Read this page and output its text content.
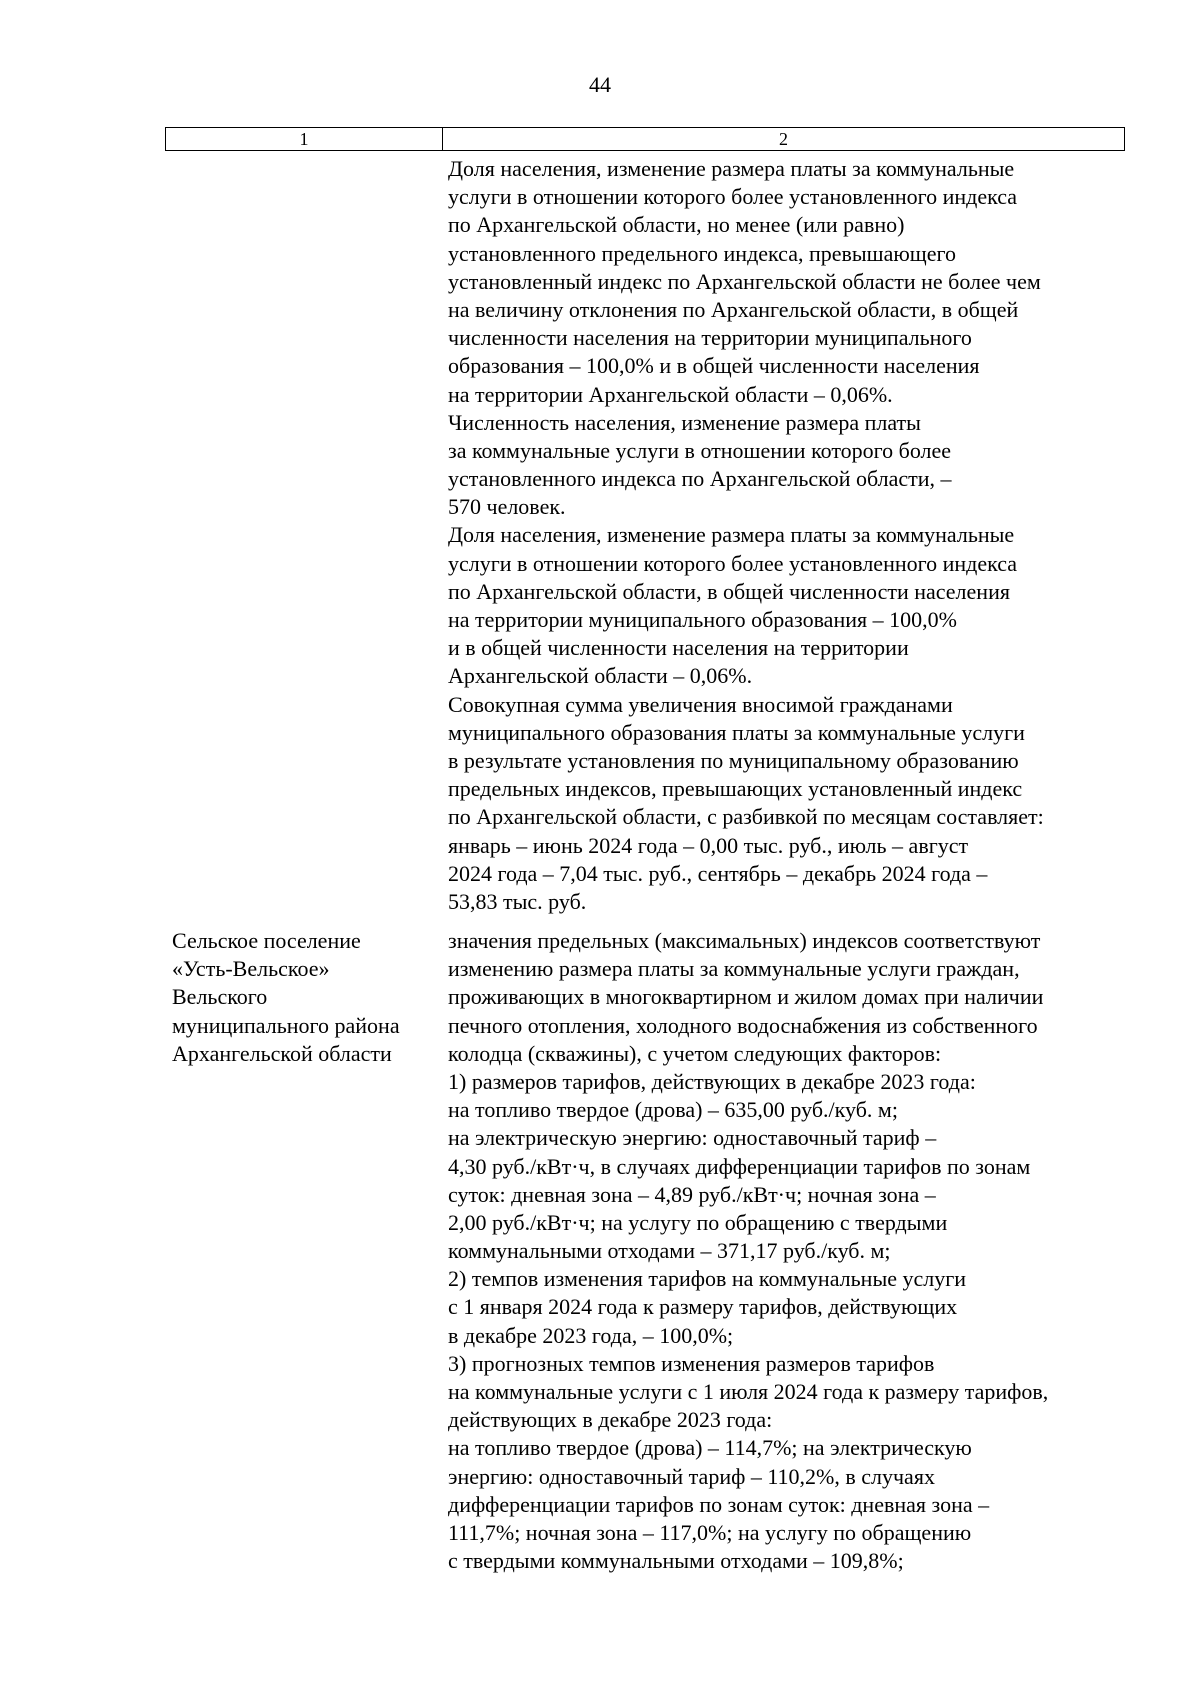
44
1	2
Доля населения, изменение размера платы за коммунальные
услуги в отношении которого более установленного индекса
по Архангельской области, но менее (или равно)
установленного предельного индекса, превышающего
установленный индекс по Архангельской области не более чем
на величину отклонения по Архангельской области, в общей
численности населения на территории муниципального
образования – 100,0% и в общей численности населения
на территории Архангельской области – 0,06%.
Численность населения, изменение размера платы
за коммунальные услуги в отношении которого более
установленного индекса по Архангельской области, –
570 человек.
Доля населения, изменение размера платы за коммунальные
услуги в отношении которого более установленного индекса
по Архангельской области, в общей численности населения
на территории муниципального образования – 100,0%
и в общей численности населения на территории
Архангельской области – 0,06%.
Совокупная сумма увеличения вносимой гражданами
муниципального образования платы за коммунальные услуги
в результате установления по муниципальному образованию
предельных индексов, превышающих установленный индекс
по Архангельской области, с разбивкой по месяцам составляет:
январь – июнь 2024 года – 0,00 тыс. руб., июль – август
2024 года – 7,04 тыс. руб., сентябрь – декабрь 2024 года –
53,83 тыс. руб.
Сельское поселение
«Усть-Вельское»
Вельского
муниципального района
Архангельской области
значения предельных (максимальных) индексов соответствуют
изменению размера платы за коммунальные услуги граждан,
проживающих в многоквартирном и жилом домах при наличии
печного отопления, холодного водоснабжения из собственного
колодца (скважины), с учетом следующих факторов:
1) размеров тарифов, действующих в декабре 2023 года:
на топливо твердое (дрова) – 635,00 руб./куб. м;
на электрическую энергию: одноставочный тариф –
4,30 руб./кВт·ч, в случаях дифференциации тарифов по зонам
суток: дневная зона – 4,89 руб./кВт·ч; ночная зона –
2,00 руб./кВт·ч; на услугу по обращению с твердыми
коммунальными отходами – 371,17 руб./куб. м;
2) темпов изменения тарифов на коммунальные услуги
с 1 января 2024 года к размеру тарифов, действующих
в декабре 2023 года, – 100,0%;
3) прогнозных темпов изменения размеров тарифов
на коммунальные услуги с 1 июля 2024 года к размеру тарифов,
действующих в декабре 2023 года:
на топливо твердое (дрова) – 114,7%; на электрическую
энергию: одноставочный тариф – 110,2%, в случаях
дифференциации тарифов по зонам суток: дневная зона –
111,7%; ночная зона – 117,0%; на услугу по обращению
с твердыми коммунальными отходами – 109,8%;
